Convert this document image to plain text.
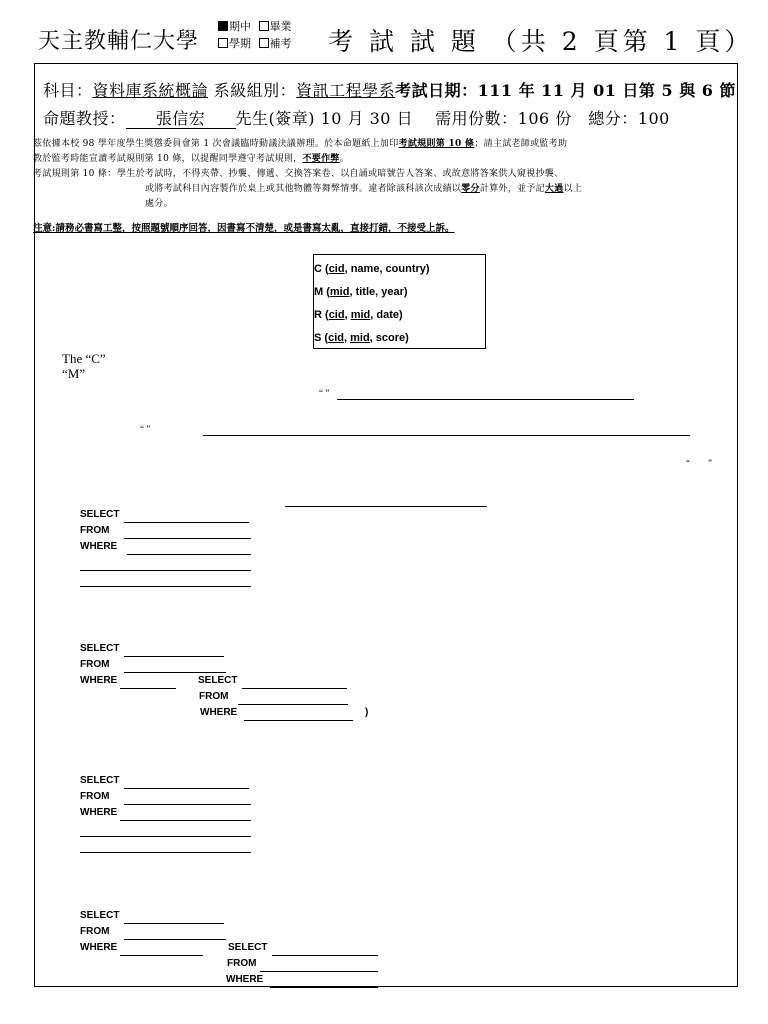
天主教輔仁大學
期中 畢業
學期 補考 考 試 試 題 （共 2 頁第 1 頁）
科目：資料庫系統概論 系級組別：資訊工程學系考試日期：111 年 11 月 01 日第 5 與 6 節
命題教授： 張信宏 先生(簽章) 10 月 30 日　 需用份數：106 份　總分：100
茲依據本校 98 學年度學生獎懲委員會第 1 次會議臨時動議決議辦理。於本命題紙上加印考試規則第 10 條；請主試老師或監考助
教於監考時能宣讀考試規則第 10 條，以提醒同學遵守考試規則，不要作弊。
考試規則第 10 條： 學生於考試時，不得夾帶、抄襲、傳遞、交換答案卷、以自誦或暗號告人答案、或故意將答案供人窺視抄襲、
或將考試科目內容製作於桌上或其他物體等舞弊情事。違者除該科該次成績以零分計算外，並予記大過以上
處分。
注意:請務必書寫工整，按照題號順序回答，因書寫不清楚，或是書寫太亂，直接打錯，不接受上訴。
C (cid, name, country)
M (mid, title, year)
R (cid, mid, date)
S (cid, mid, score)
The “C”
“M”
“ ”
“ ”
“　　”
SELECT
FROM
WHERE
SELECT
FROM
WHERE	SELECT
FROM
WHERE	)
SELECT
FROM
WHERE
SELECT
FROM
WHERE	SELECT
FROM
WHERE
